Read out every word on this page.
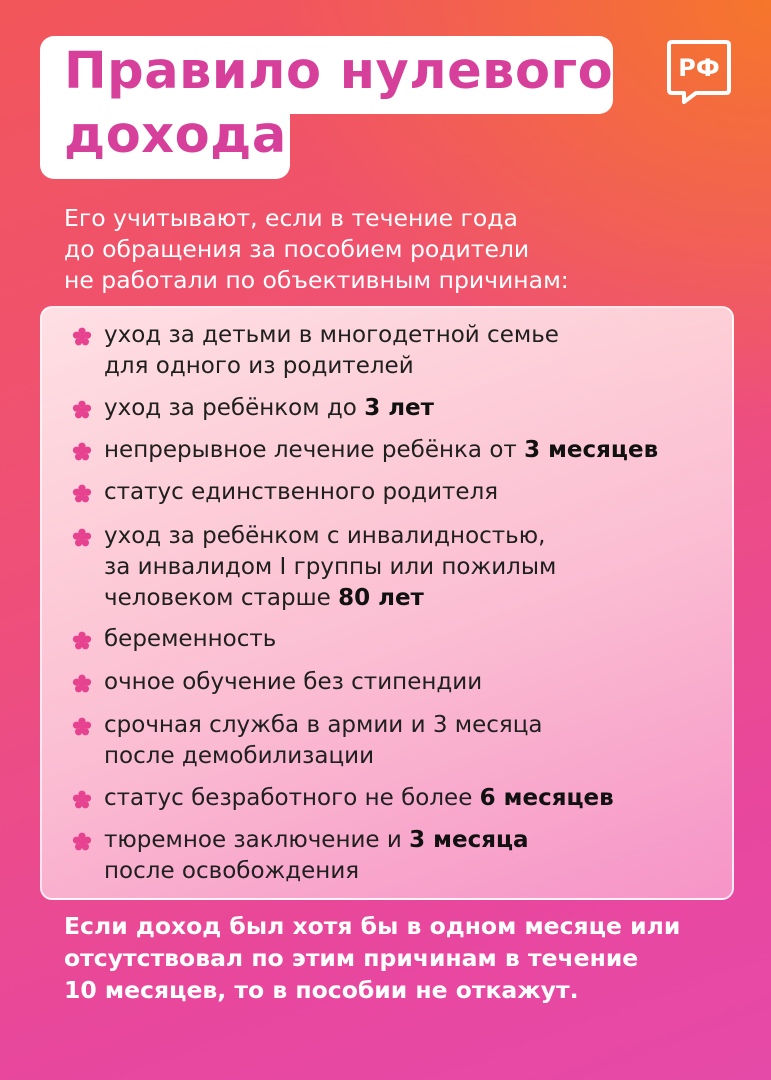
Правило нулевого
дохода
РФ
Его учитывают, если в течение года
до обращения за пособием родители
не работали по объективным причинам:
уход за детьми в многодетной семье
для одного из родителей
уход за ребёнком до 3 лет
непрерывное лечение ребёнка от 3 месяцев
статус единственного родителя
уход за ребёнком с инвалидностью,
за инвалидом I группы или пожилым
человеком старше 80 лет
беременность
очное обучение без стипендии
срочная служба в армии и 3 месяца
после демобилизации
статус безработного не более 6 месяцев
тюремное заключение и 3 месяца
после освобождения
Если доход был хотя бы в одном месяце или
отсутствовал по этим причинам в течение
10 месяцев, то в пособии не откажут.
